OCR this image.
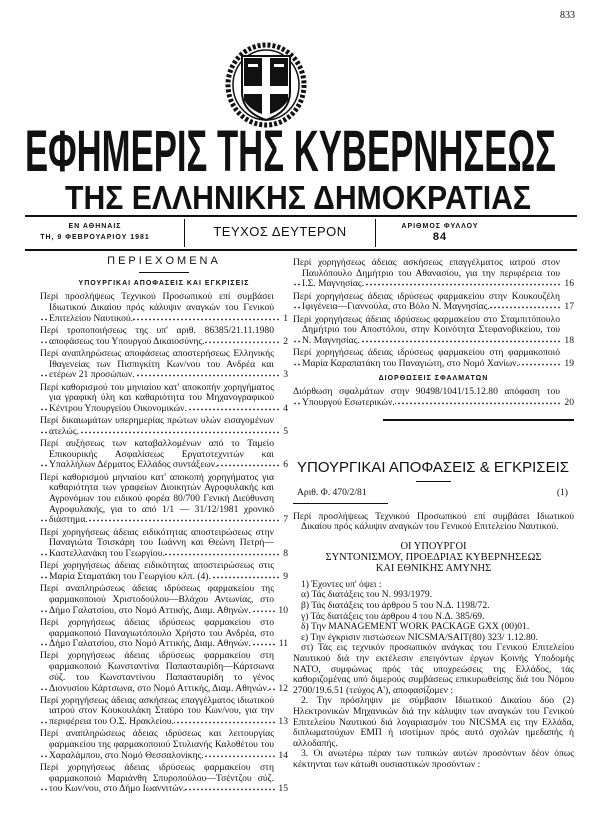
833
ΕΦΗΜΕΡΙΣ ΤΗΣ ΚΥΒΕΡΝΗΣΕΩΣ
ΤΗΣ ΕΛΛΗΝΙΚΗΣ ΔΗΜΟΚΡΑΤΙΑΣ
ΕΝ ΑΘΗΝΑΙΣ
ΤΗ, 9 ΦΕΒΡΟΥΑΡΙΟΥ 1981	ΤΕΥΧΟΣ ΔΕΥΤΕΡΟΝ	ΑΡΙΘΜΟΣ ΦΥΛΛΟΥ
84
ΠΕΡΙΕΧΟΜΕΝΑ
ΥΠΟΥΡΓΙΚΑΙ ΑΠΟΦΑΣΕΙΣ ΚΑΙ ΕΓΚΡΙΣΕΙΣ
Περί προσλήψεως Τεχνικού Προσωπικού επί συμβάσει Ιδιωτικού Δικαίου πρός κάλυψιν αναγκών του Γενικού Επιτελείου Ναυτικού.	1
Περί τροποποιήσεως της υπ' αριθ. 86385/21.11.1980 αποφάσεως του Υπουργού Δικαιοσύνης.	2
Περί αναπληρώσεως αποφάσεως αποστερήσεως Ελληνικής Ιθαγενείας των Πισπιγκίτη Κων/νου του Ανδρέα και ετέρων 21 προσώπων.	3
Περί καθορισμού του μηνιαίου κατ' αποκοπήν χορηγήματος για γραφική ύλη και καθαριότητα του Μηχανογραφικού Κέντρου Υπουργείου Οικονομικών.	4
Περί δικαιωμάτων υπερημερίας πρώτων υλών εισαγομένων ατελώς.	5
Περί αυξήσεως των καταβαλλομένων από το Ταμείο Επικουρικής Ασφαλίσεως Εργατοτεχνιτών και Υπαλλήλων Δέρματος Ελλάδος συντάξεων.	6
Περί καθορισμού μηνιαίου κατ' αποκοπή χορηγήματος για καθαριότητα των γραφείων Διοικητών Αγροφυλακής και Αγρονόμων του ειδικού φορέα 80/700 Γενική Διεύθυνση Αγροφυλακής, για το από 1/1 — 31/12/1981 χρονικό διάστημα.	7
Περί χορηγήσεως άδειας ειδικότητας αποστειρώσεως στην Παναγιώτα Τσισκάρη του Ιωάννη και Θεώνη Πετρή—Καστελλανάκη του Γεωργίου.	8
Περί χορηγήσεως άδειας ειδικότητας αποστειρώσεως στις Μαρία Σταματάκη του Γεωργίου κλπ. (4).	9
Περί αναπληρώσεως άδειας ιδρύσεως φαρμακείου της φαρμακοποιού Χριστοδούλου—Βλάχου Αντωνίας, στο Δήμο Γαλατσίου, στο Νομό Αττικής, Διαμ. Αθηνών.	10
Περί χορηγήσεως άδειας ιδρύσεως φαρμακείου στο φαρμακοποιό Παναγιωτόπουλο Χρήστο του Ανδρέα, στο Δήμο Γαλατσίου, στο Νομό Αττικής, Διαμ. Αθηνών.	11
Περί χορηγήσεως άδειας ιδρύσεως φαρμακείου στη φαρμακοποιό Κωνσταντίνα Παπασταυρίδη—Κάρτσωνα σύζ. του Κωνσταντίνου Παπασταυρίδη το γένος Διονυσίου Κάρτσωνα, στο Νομό Αττικής, Διαμ. Αθηνών. 12
Περί χορηγήσεως άδειας ασκήσεως επαγγέλματος ιδιωτικού ιατρού στον Κουκουλάκη Σταύρο του Κων/νου, για την περιφέρεια του Ο.Σ. Ηρακλείου.	13
Περί αναπληρώσεως άδειας ιδρύσεως και λειτουργίας φαρμακείου της φαρμακοποιού Στυλιανής Καλοθέτου του Χαραλάμπου, στο Νομό Θεσσαλονίκης.	14
Περί χορηγήσεως άδειας ιδρύσεως φαρμακείου στη φαρμακοποιό Μαριάνθη Σπυροπούλου—Τσέντζου σύζ. του Κων/νου, στο Δήμο Ιωαννιτών.	15
Περί χορηγήσεως άδειας ασκήσεως επαγγέλματος ιατρού στον Παυλόπουλο Δημήτριο του Αθανασίου, για την περιφέρεια του Ι.Σ. Μαγνησίας.	16
Περί χορηγήσεως άδειας ιδρύσεως φαρμακείου στην Κουκουζέλη Ιφιγένεια—Γιαννούλα, στο Βόλο Ν. Μαγνησίας.	17
Περί χορηγήσεως άδειας ιδρύσεως φαρμακείου στο Σταμπιτόπουλο Δημήτριο του Αποστόλου, στην Κοινότητα Στεφανοβικείου, του Ν. Μαγνησίας.	18
Περί χορηγήσεως άδειας ιδρύσεως φαρμακείου στη φαρμακοποιό Μαρία Καραπατάκη του Παναγιώτη, στο Νομό Χανίων.	19
ΔΙΟΡΘΩΣΕΙΣ ΣΦΑΛΜΑΤΩΝ
Διόρθωση σφαλμάτων στην 90498/1041/15.12.80 απόφαση του Υπουργού Εσωτερικών.	20
ΥΠΟΥΡΓΙΚΑΙ ΑΠΟΦΑΣΕΙΣ & ΕΓΚΡΙΣΕΙΣ
Αριθ. Φ. 470/2/81	(1)

Περί προσλήψεως Τεχνικού Προσωπικού επί συμβάσει Ιδιωτικού Δικαίου πρός κάλυψιν αναγκών του Γενικού Επιτελείου Ναυτικού.

ΟΙ ΥΠΟΥΡΓΟΙ
ΣΥΝΤΟΝΙΣΜΟΥ, ΠΡΟΕΔΡΙΑΣ ΚΥΒΕΡΝΗΣΕΩΣ
ΚΑΙ ΕΘΝΙΚΗΣ ΑΜΥΝΗΣ

1) Έχοντες υπ' όψει :

α) Τάς διατάξεις του Ν. 993/1979.

β) Τάς διατάξεις του άρθρου 5 του Ν.Δ. 1198/72.

γ) Τάς διατάξεις του άρθρου 4 του Ν.Δ. 385/69.

δ) Την MANAGEMENT WORK PACKAGE GXX (00)01.

ε) Την έγκρισιν πιστώσεων NICSMA/SAIT(80) 323/ 1.12.80.

στ) Τάς εις τεχνικόν προσωπικόν ανάγκας του Γενικού Επιτελείου Ναυτικού διά την εκτέλεσιν επειγόντων έργων Κοινής Υποδομής ΝΑΤΟ, συμφώνως πρός τάς υποχρεώσεις της Ελλάδος, τάς καθοριζομένας υπό διμερούς συμβάσεως επικυρωθείσης διά του Νόμου 2700/19.6.51 (τεύχος Α'), αποφασίζομεν :

2. Την πρόσληψιν με σύμβασιν Ιδιωτικού Δικαίου δύο (2) Ηλεκτρονικών Μηχανικών διά την κάλυψιν των αναγκών του Γενικού Επιτελείου Ναυτικού διά λογαριασμόν του NICSMA εις την Ελλάδα, διπλωματούχων ΕΜΠ ή ισοτίμων πρός αυτό σχολών ημεδαπής ή αλλοδαπής.

3. Οι ανωτέρω πέραν των τυπικών αυτών προσόντων δέον όπως κέκτηνται των κάτωθι ουσιαστικών προσόντων :
